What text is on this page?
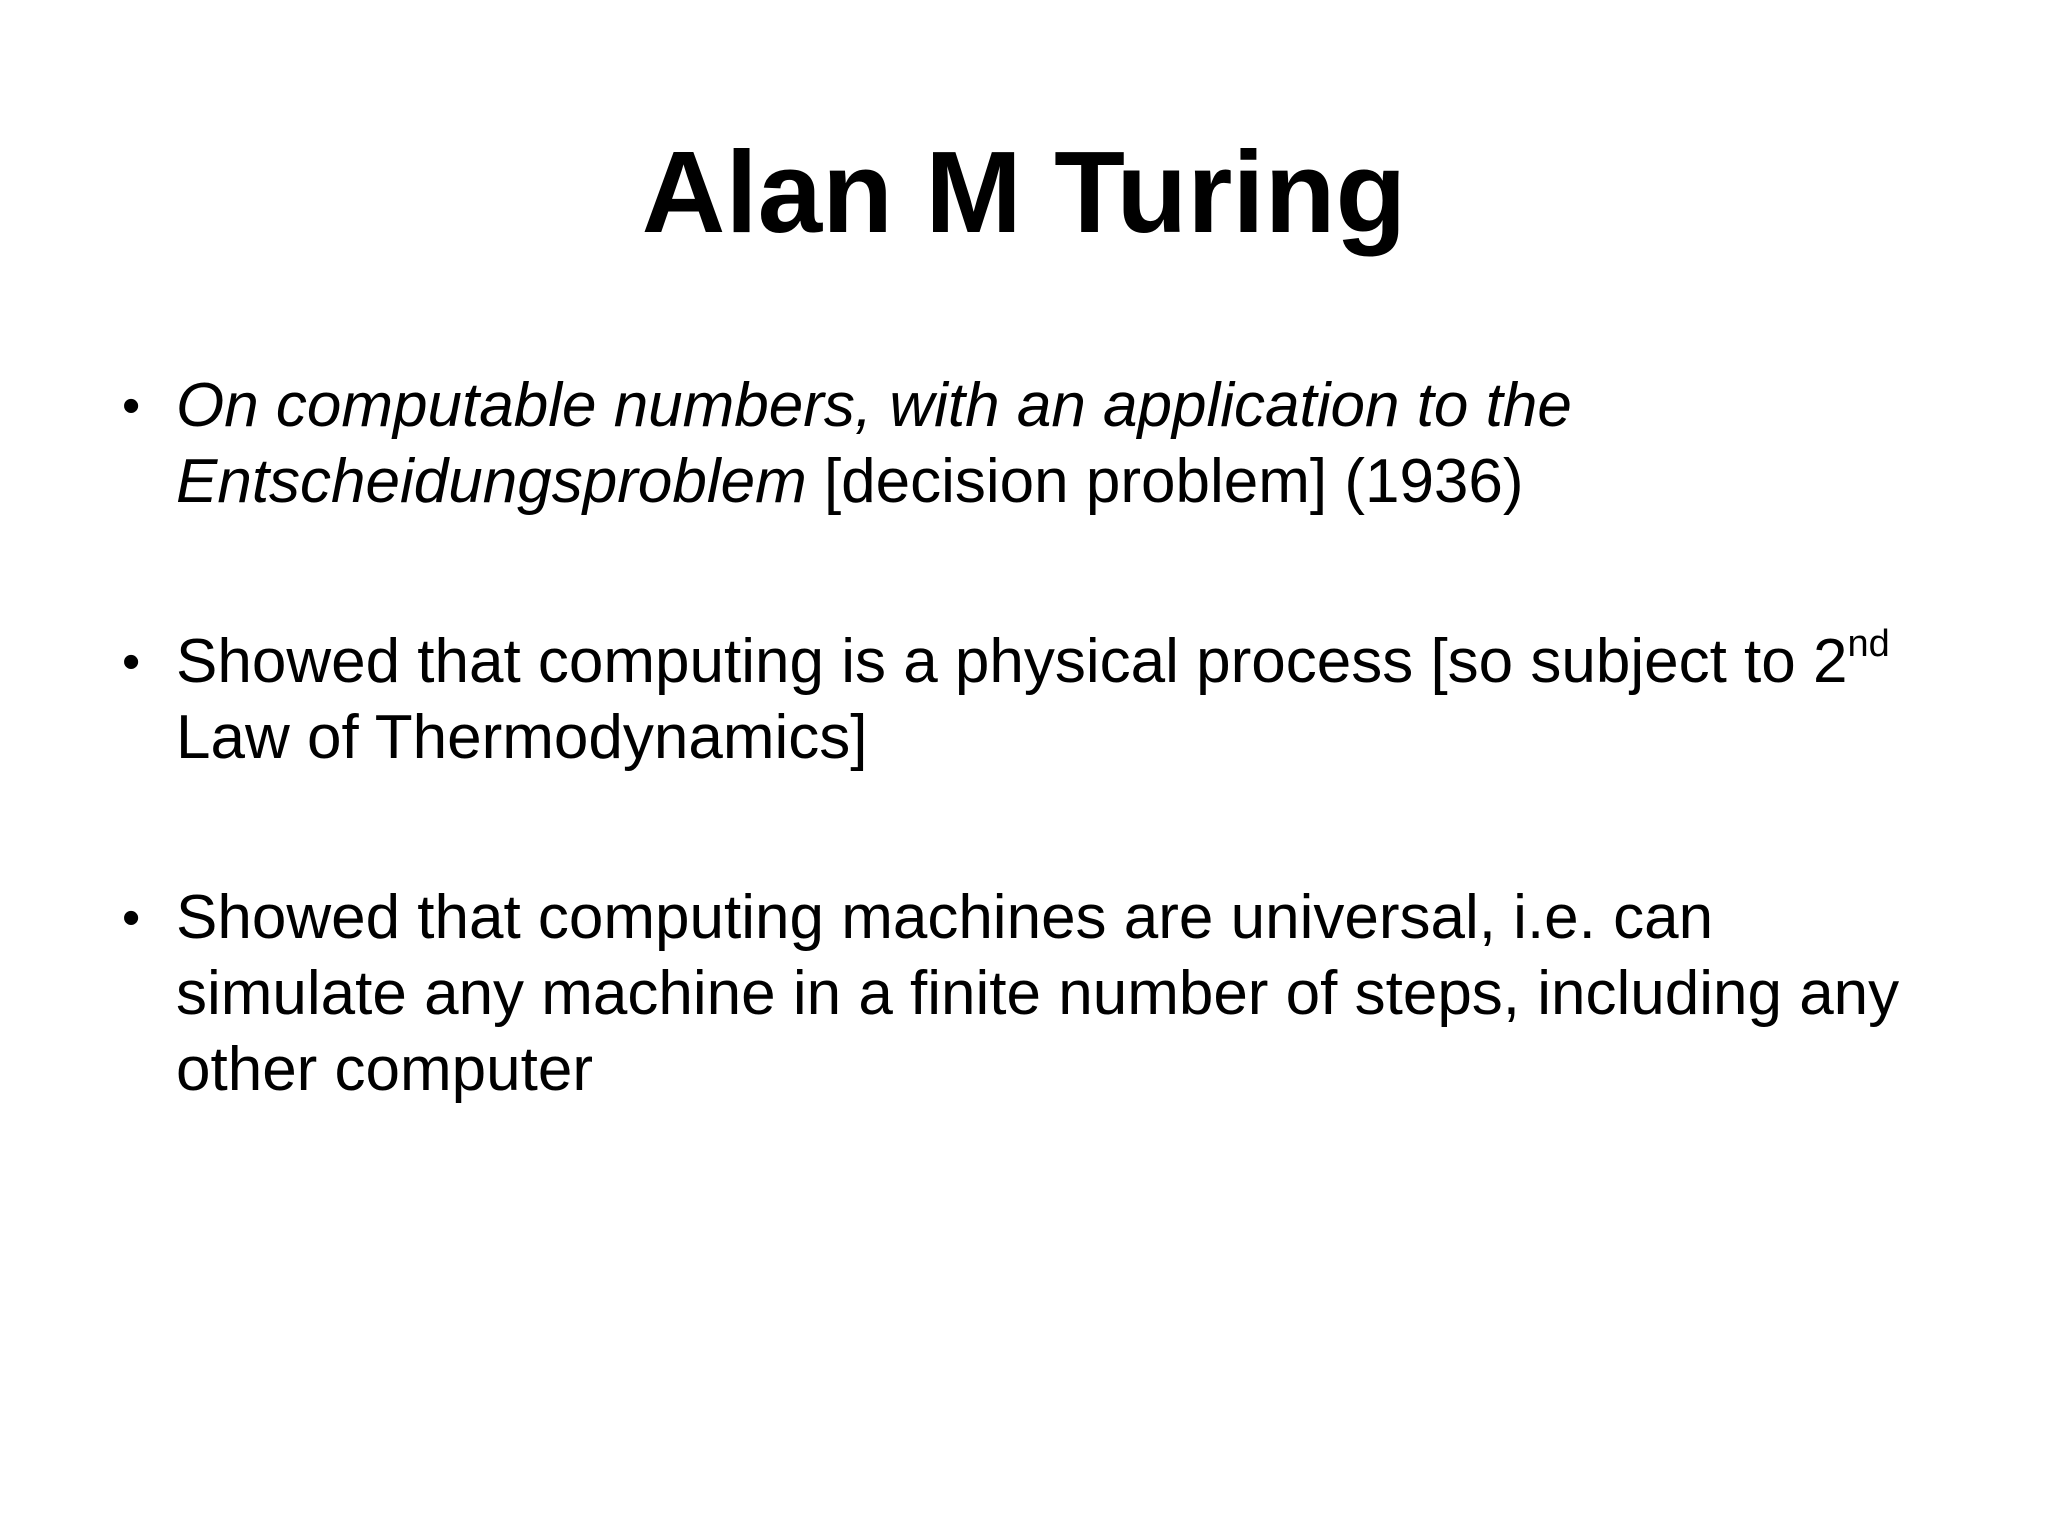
Alan M Turing
• On computable numbers, with an application to the Entscheidungsproblem [decision problem] (1936)
• Showed that computing is a physical process [so subject to 2nd Law of Thermodynamics]
• Showed that computing machines are universal, i.e. can simulate any machine in a finite number of steps, including any other computer
